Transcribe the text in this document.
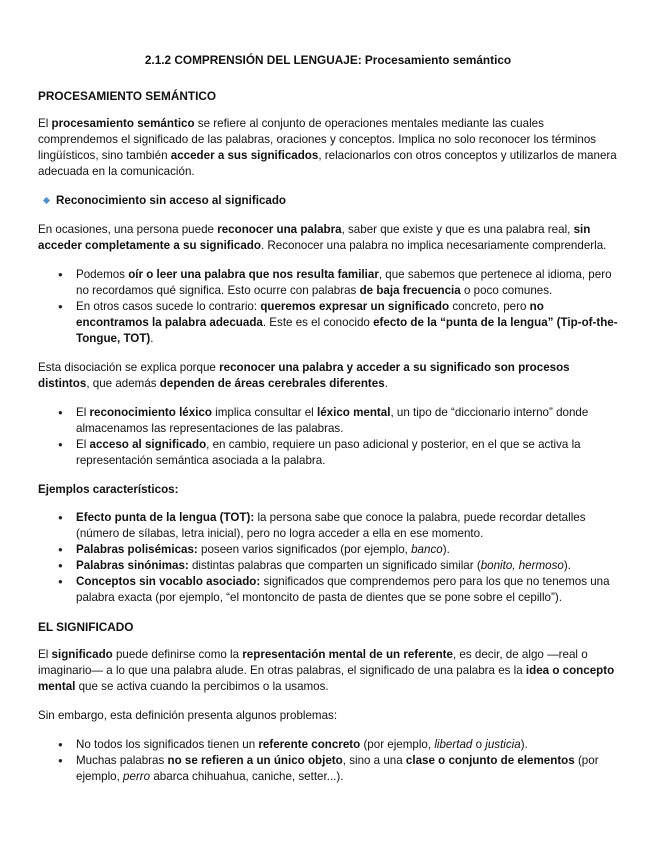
2.1.2 COMPRENSIÓN DEL LENGUAJE: Procesamiento semántico
PROCESAMIENTO SEMÁNTICO

El procesamiento semántico se refiere al conjunto de operaciones mentales mediante las cuales comprendemos el significado de las palabras, oraciones y conceptos. Implica no solo reconocer los términos lingüísticos, sino también acceder a sus significados, relacionarlos con otros conceptos y utilizarlos de manera adecuada en la comunicación.

Reconocimiento sin acceso al significado

En ocasiones, una persona puede reconocer una palabra, saber que existe y que es una palabra real, sin acceder completamente a su significado. Reconocer una palabra no implica necesariamente comprenderla.

● Podemos oír o leer una palabra que nos resulta familiar, que sabemos que pertenece al idioma, pero no recordamos qué significa. Esto ocurre con palabras de baja frecuencia o poco comunes.
● En otros casos sucede lo contrario: queremos expresar un significado concreto, pero no encontramos la palabra adecuada. Este es el conocido efecto de la “punta de la lengua” (Tip-of-the-Tongue, TOT).

Esta disociación se explica porque reconocer una palabra y acceder a su significado son procesos distintos, que además dependen de áreas cerebrales diferentes.

● El reconocimiento léxico implica consultar el léxico mental, un tipo de “diccionario interno” donde almacenamos las representaciones de las palabras.
● El acceso al significado, en cambio, requiere un paso adicional y posterior, en el que se activa la representación semántica asociada a la palabra.

Ejemplos característicos:

● Efecto punta de la lengua (TOT): la persona sabe que conoce la palabra, puede recordar detalles (número de sílabas, letra inicial), pero no logra acceder a ella en ese momento.
● Palabras polisémicas: poseen varios significados (por ejemplo, banco).
● Palabras sinónimas: distintas palabras que comparten un significado similar (bonito, hermoso).
● Conceptos sin vocablo asociado: significados que comprendemos pero para los que no tenemos una palabra exacta (por ejemplo, “el montoncito de pasta de dientes que se pone sobre el cepillo”).
EL SIGNIFICADO

El significado puede definirse como la representación mental de un referente, es decir, de algo —real o imaginario— a lo que una palabra alude. En otras palabras, el significado de una palabra es la idea o concepto mental que se activa cuando la percibimos o la usamos.

Sin embargo, esta definición presenta algunos problemas:

● No todos los significados tienen un referente concreto (por ejemplo, libertad o justicia).
● Muchas palabras no se refieren a un único objeto, sino a una clase o conjunto de elementos (por ejemplo, perro abarca chihuahua, caniche, setter...).
